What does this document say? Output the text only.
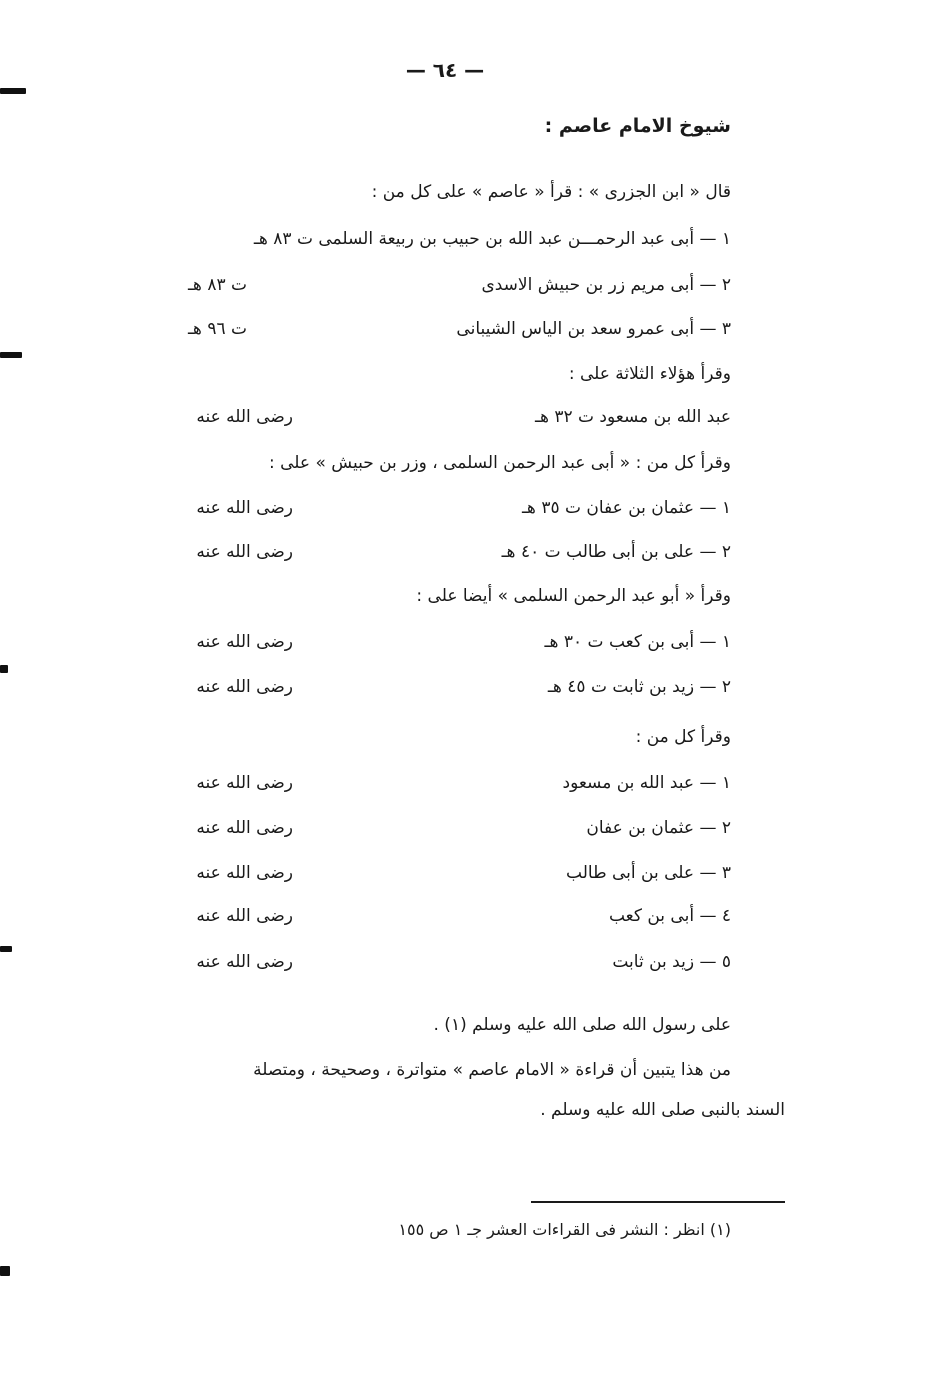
— ٦٤ —
شيوخ الامام عاصم :
قال « ابن الجزرى » : قرأ « عاصم » على كل من :
١ — أبى عبد الرحمـــن عبد الله بن حبيب بن ربيعة السلمى ت ٨٣ هـ
٢ — أبى مريم زر بن حبيش الاسدى
ت ٨٣ هـ
٣ — أبى عمرو سعد بن الياس الشيبانى
ت ٩٦ هـ
وقرأ هؤلاء الثلاثة على :
عبد الله بن مسعود ت ٣٢ هـ
رضى الله عنه
وقرأ كل من : « أبى عبد الرحمن السلمى ، وزر بن حبيش » على :
١ — عثمان بن عفان ت ٣٥ هـ
رضى الله عنه
٢ — على بن أبى طالب ت ٤٠ هـ
رضى الله عنه
وقرأ « أبو عبد الرحمن السلمى » أيضا على :
١ — أبى بن كعب ت ٣٠ هـ
رضى الله عنه
٢ — زيد بن ثابت ت ٤٥ هـ
رضى الله عنه
وقرأ كل من :
١ — عبد الله بن مسعود
رضى الله عنه
٢ — عثمان بن عفان
رضى الله عنه
٣ — على بن أبى طالب
رضى الله عنه
٤ — أبى بن كعب
رضى الله عنه
٥ — زيد بن ثابت
رضى الله عنه
على رسول الله صلى الله عليه وسلم (١) .
من هذا يتبين أن قراءة « الامام عاصم » متواترة ، وصحيحة ، ومتصلة
السند بالنبى صلى الله عليه وسلم .
(١) انظر : النشر فى القراءات العشر جـ ١ ص ١٥٥
